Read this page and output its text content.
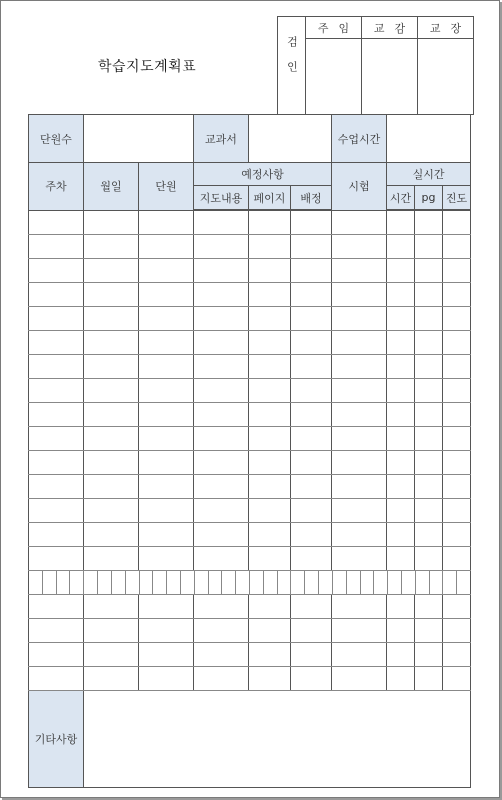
학습지도계획표	검인	주임	교감	교장

단원수			교과서			수업시간			
주차	월일	단원	예정사항			시험	실시간		
			지도내용	페이지	배정		시간	pg	진도

기타사항									
